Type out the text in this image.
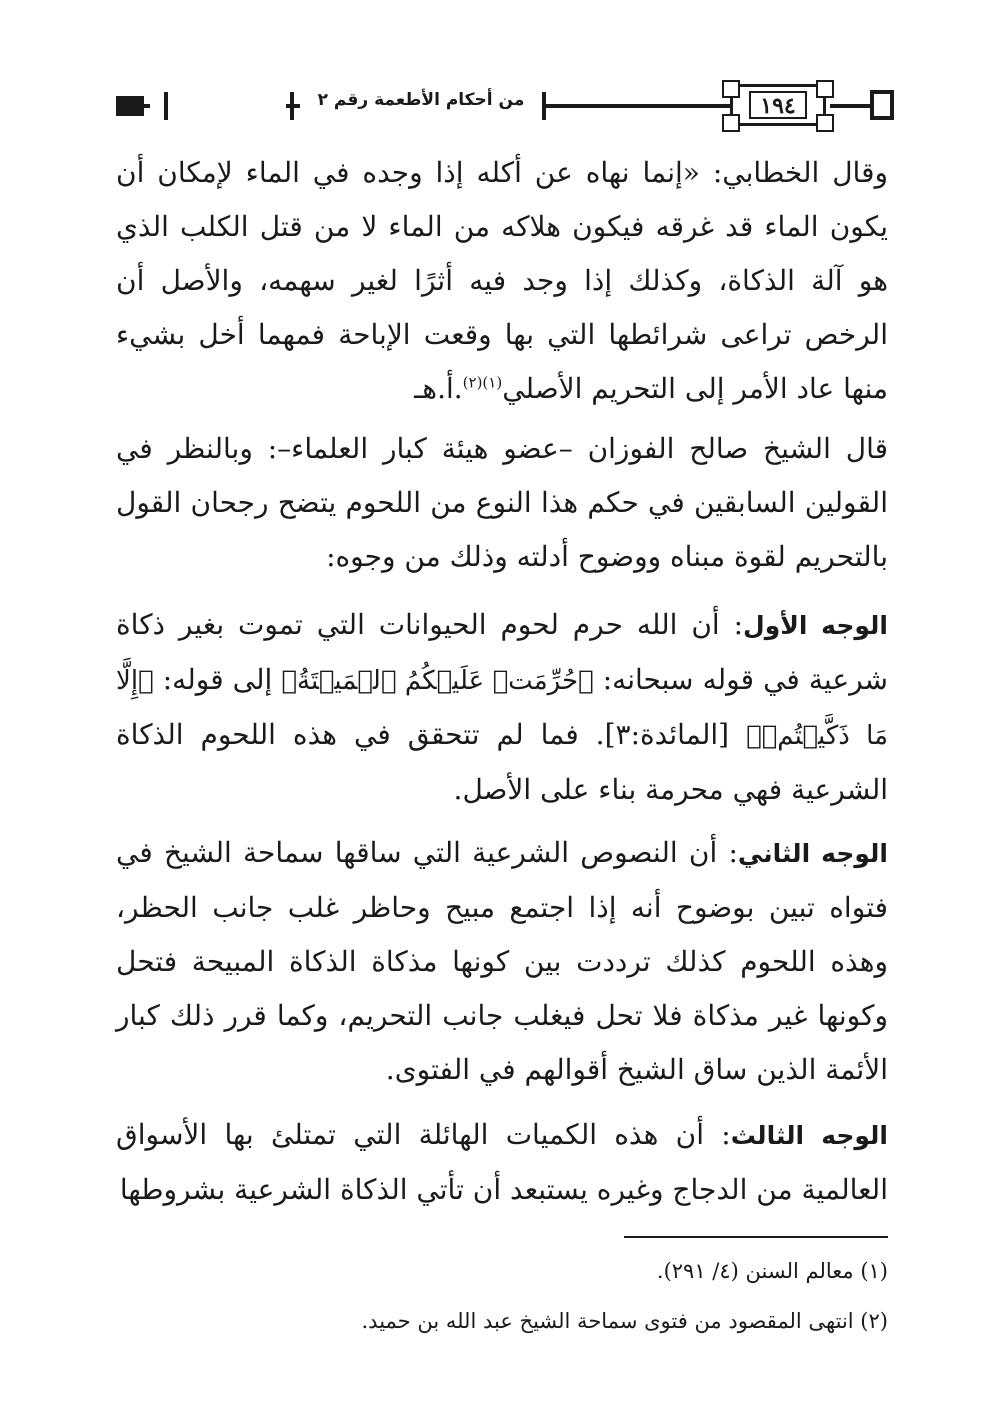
من أحكام الأطعمة رقم ٢	١٩٤

وقال الخطابي: «إنما نهاه عن أكله إذا وجده في الماء لإمكان أن يكون الماء قد غرقه فيكون هلاكه من الماء لا من قتل الكلب الذي هو آلة الذكاة، وكذلك إذا وجد فيه أثرًا لغير سهمه، والأصل أن الرخص تراعى شرائطها التي بها وقعت الإباحة فمهما أخل بشيء منها عاد الأمر إلى التحريم الأصلي$^{(١)(٢)}$.أ.هـ

قال الشيخ صالح الفوزان –عضو هيئة كبار العلماء–: وبالنظر في القولين السابقين في حكم هذا النوع من اللحوم يتضح رجحان القول بالتحريم لقوة مبناه ووضوح أدلته وذلك من وجوه:

الوجه الأول: أن الله حرم لحوم الحيوانات التي تموت بغير ذكاة شرعية في قوله سبحانه: ﴿حُرِّمَتۡ عَلَيۡكُمُ ٱلۡمَيۡتَةُ﴾ إلى قوله: ﴿إِلَّا مَا ذَكَّيۡتُمۡ﴾ [المائدة:٣]. فما لم تتحقق في هذه اللحوم الذكاة الشرعية فهي محرمة بناء على الأصل.

الوجه الثاني: أن النصوص الشرعية التي ساقها سماحة الشيخ في فتواه تبين بوضوح أنه إذا اجتمع مبيح وحاظر غلب جانب الحظر، وهذه اللحوم كذلك ترددت بين كونها مذكاة الذكاة المبيحة فتحل وكونها غير مذكاة فلا تحل فيغلب جانب التحريم، وكما قرر ذلك كبار الأئمة الذين ساق الشيخ أقوالهم في الفتوى.

الوجه الثالث: أن هذه الكميات الهائلة التي تمتلئ بها الأسواق العالمية من الدجاج وغيره يستبعد أن تأتي الذكاة الشرعية بشروطها

(١) معالم السنن (٤/ ٢٩١).
(٢) انتهى المقصود من فتوى سماحة الشيخ عبد الله بن حميد.
